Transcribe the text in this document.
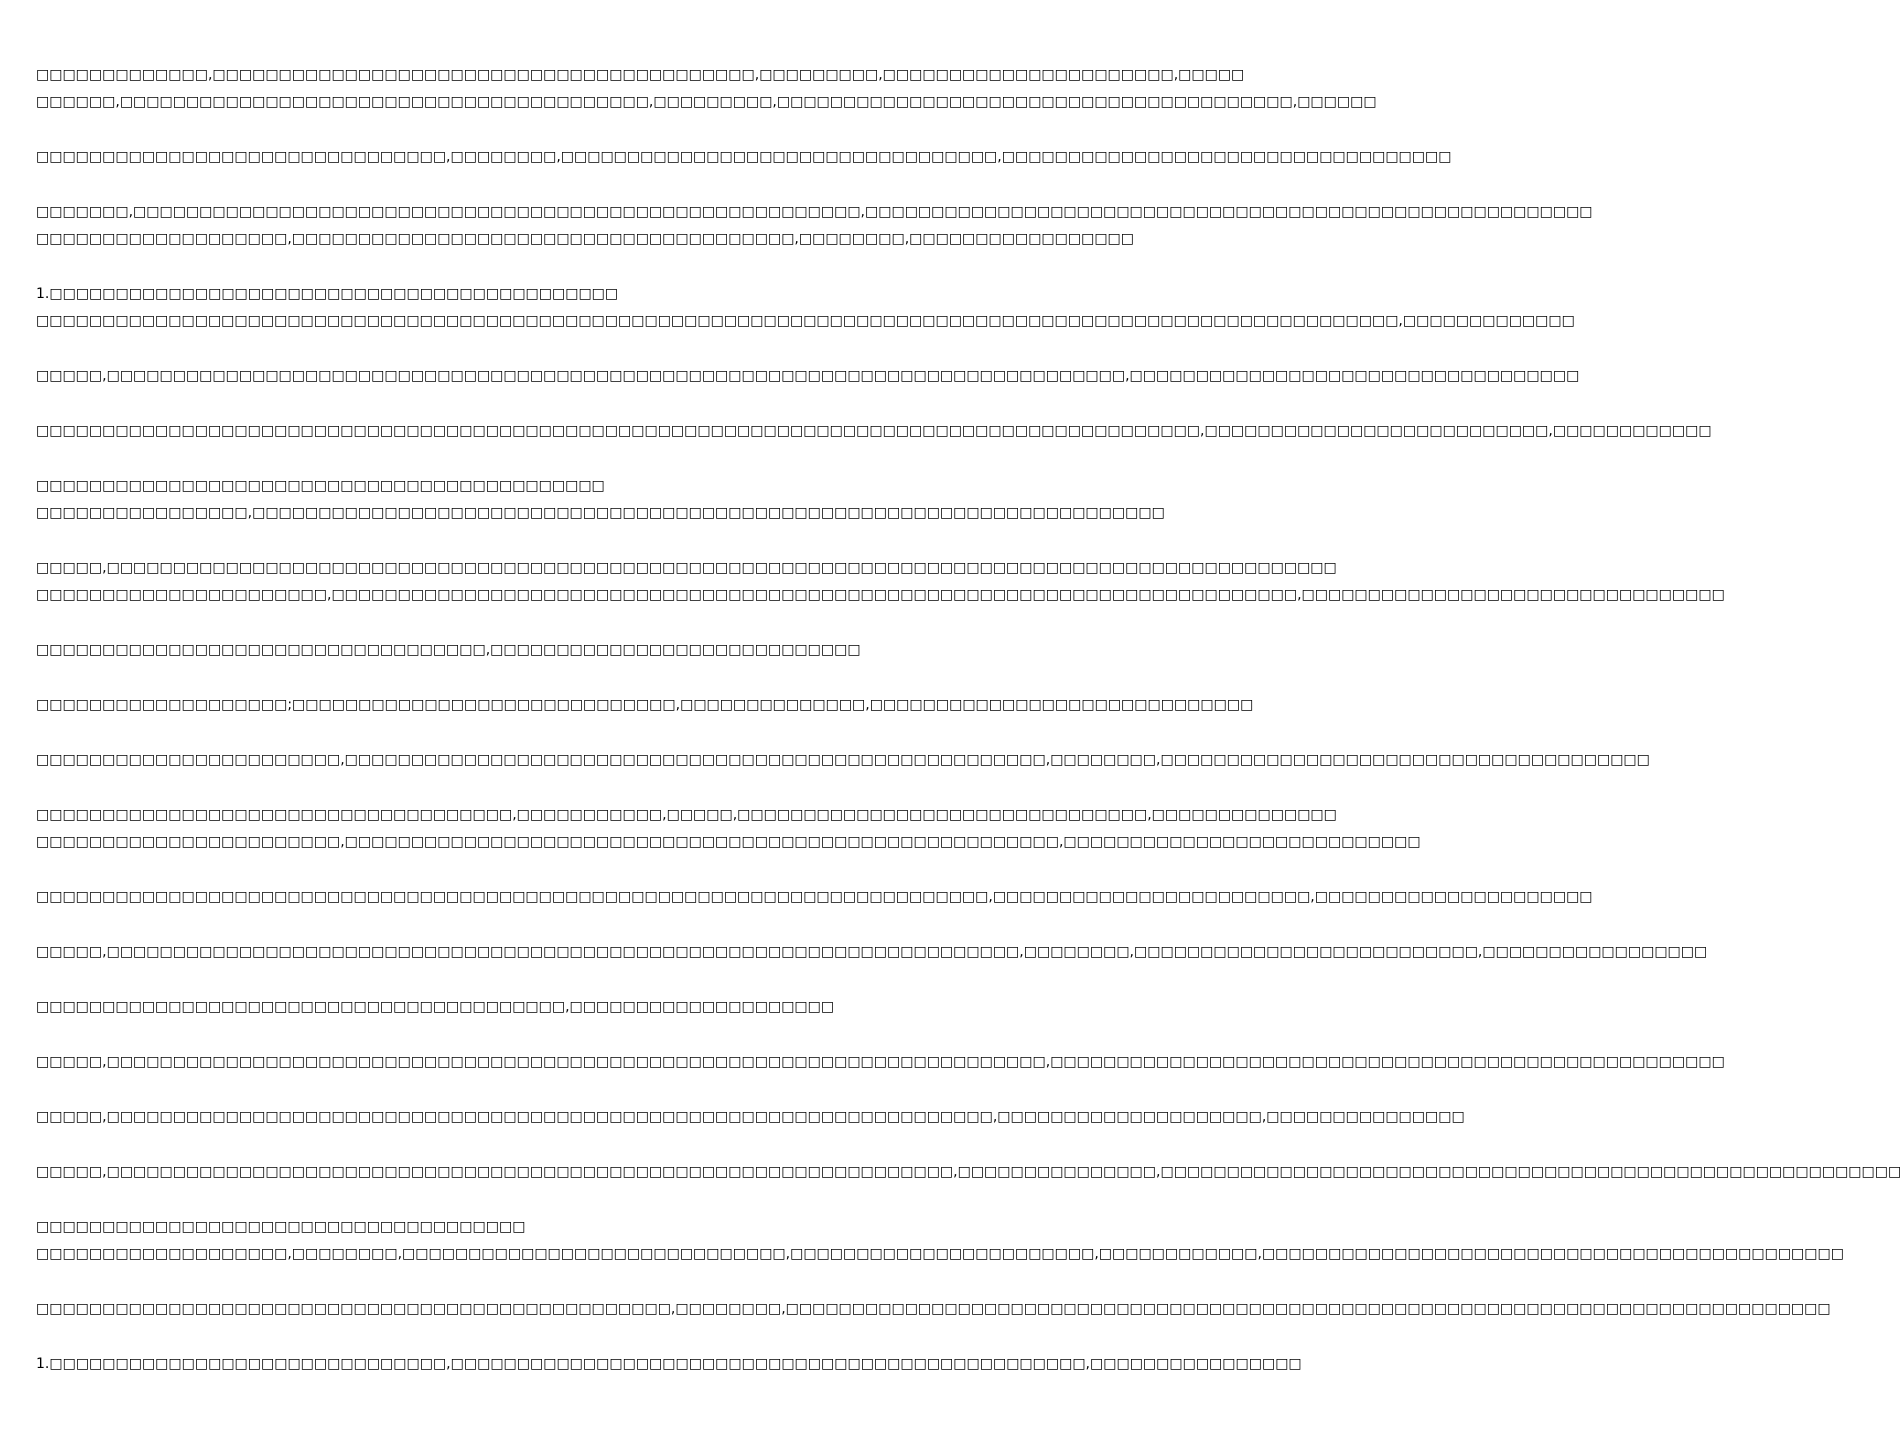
□□□□□□□□□□□□□,□□□□□□□□□□□□□□□□□□□□□□□□□□□□□□□□□□□□□□□□□,□□□□□□□□□,□□□□□□□□□□□□□□□□□□□□□□,□□□□□
□□□□□□,□□□□□□□□□□□□□□□□□□□□□□□□□□□□□□□□□□□□□□□□,□□□□□□□□□,□□□□□□□□□□□□□□□□□□□□□□□□□□□□□□□□□□□□□□□,□□□□□□
□□□□□□□□□□□□□□□□□□□□□□□□□□□□□□□,□□□□□□□□,□□□□□□□□□□□□□□□□□□□□□□□□□□□□□□□□□,□□□□□□□□□□□□□□□□□□□□□□□□□□□□□□□□□□
□□□□□□□,□□□□□□□□□□□□□□□□□□□□□□□□□□□□□□□□□□□□□□□□□□□□□□□□□□□□□□□,□□□□□□□□□□□□□□□□□□□□□□□□□□□□□□□□□□□□□□□□□□□□□□□□□□□□□□□
□□□□□□□□□□□□□□□□□□□,□□□□□□□□□□□□□□□□□□□□□□□□□□□□□□□□□□□□□□,□□□□□□□□,□□□□□□□□□□□□□□□□□
1.□□□□□□□□□□□□□□□□□□□□□□□□□□□□□□□□□□□□□□□□□□□
□□□□□□□□□□□□□□□□□□□□□□□□□□□□□□□□□□□□□□□□□□□□□□□□□□□□□□□□□□□□□□□□□□□□□□□□□□□□□□□□□□□□□□□□□□□□□□□□□□□□□□□,□□□□□□□□□□□□□
□□□□□,□□□□□□□□□□□□□□□□□□□□□□□□□□□□□□□□□□□□□□□□□□□□□□□□□□□□□□□□□□□□□□□□□□□□□□□□□□□□□,□□□□□□□□□□□□□□□□□□□□□□□□□□□□□□□□□□
□□□□□□□□□□□□□□□□□□□□□□□□□□□□□□□□□□□□□□□□□□□□□□□□□□□□□□□□□□□□□□□□□□□□□□□□□□□□□□□□□□□□□□□□,□□□□□□□□□□□□□□□□□□□□□□□□□□,□□□□□□□□□□□□
□□□□□□□□□□□□□□□□□□□□□□□□□□□□□□□□□□□□□□□□□□□
□□□□□□□□□□□□□□□□,□□□□□□□□□□□□□□□□□□□□□□□□□□□□□□□□□□□□□□□□□□□□□□□□□□□□□□□□□□□□□□□□□□□□□
□□□□□,□□□□□□□□□□□□□□□□□□□□□□□□□□□□□□□□□□□□□□□□□□□□□□□□□□□□□□□□□□□□□□□□□□□□□□□□□□□□□□□□□□□□□□□□□□□□□
□□□□□□□□□□□□□□□□□□□□□□,□□□□□□□□□□□□□□□□□□□□□□□□□□□□□□□□□□□□□□□□□□□□□□□□□□□□□□□□□□□□□□□□□□□□□□□□□,□□□□□□□□□□□□□□□□□□□□□□□□□□□□□□□□
□□□□□□□□□□□□□□□□□□□□□□□□□□□□□□□□□□,□□□□□□□□□□□□□□□□□□□□□□□□□□□□
□□□□□□□□□□□□□□□□□□□;□□□□□□□□□□□□□□□□□□□□□□□□□□□□□,□□□□□□□□□□□□□□,□□□□□□□□□□□□□□□□□□□□□□□□□□□□□
□□□□□□□□□□□□□□□□□□□□□□□,□□□□□□□□□□□□□□□□□□□□□□□□□□□□□□□□□□□□□□□□□□□□□□□□□□□□□,□□□□□□□□,□□□□□□□□□□□□□□□□□□□□□□□□□□□□□□□□□□□□□
□□□□□□□□□□□□□□□□□□□□□□□□□□□□□□□□□□□□,□□□□□□□□□□□,□□□□□,□□□□□□□□□□□□□□□□□□□□□□□□□□□□□□□,□□□□□□□□□□□□□□
□□□□□□□□□□□□□□□□□□□□□□□,□□□□□□□□□□□□□□□□□□□□□□□□□□□□□□□□□□□□□□□□□□□□□□□□□□□□□□,□□□□□□□□□□□□□□□□□□□□□□□□□□□
□□□□□□□□□□□□□□□□□□□□□□□□□□□□□□□□□□□□□□□□□□□□□□□□□□□□□□□□□□□□□□□□□□□□□□□□,□□□□□□□□□□□□□□□□□□□□□□□□,□□□□□□□□□□□□□□□□□□□□□
□□□□□,□□□□□□□□□□□□□□□□□□□□□□□□□□□□□□□□□□□□□□□□□□□□□□□□□□□□□□□□□□□□□□□□□□□□□,□□□□□□□□,□□□□□□□□□□□□□□□□□□□□□□□□□□,□□□□□□□□□□□□□□□□□
□□□□□□□□□□□□□□□□□□□□□□□□□□□□□□□□□□□□□□□□,□□□□□□□□□□□□□□□□□□□□
□□□□□,□□□□□□□□□□□□□□□□□□□□□□□□□□□□□□□□□□□□□□□□□□□□□□□□□□□□□□□□□□□□□□□□□□□□□□□,□□□□□□□□□□□□□□□□□□□□□□□□□□□□□□□□□□□□□□□□□□□□□□□□□□□
□□□□□,□□□□□□□□□□□□□□□□□□□□□□□□□□□□□□□□□□□□□□□□□□□□□□□□□□□□□□□□□□□□□□□□□□□,□□□□□□□□□□□□□□□□□□□□,□□□□□□□□□□□□□□□
□□□□□,□□□□□□□□□□□□□□□□□□□□□□□□□□□□□□□□□□□□□□□□□□□□□□□□□□□□□□□□□□□□□□□□,□□□□□□□□□□□□□□□,□□□□□□□□□□□□□□□□□□□□□□□□□□□□□□□□□□□□□□□□□□□□□□□□□□□□□□□□
□□□□□□□□□□□□□□□□□□□□□□□□□□□□□□□□□□□□□
□□□□□□□□□□□□□□□□□□□,□□□□□□□□,□□□□□□□□□□□□□□□□□□□□□□□□□□□□□,□□□□□□□□□□□□□□□□□□□□□□□,□□□□□□□□□□□□,□□□□□□□□□□□□□□□□□□□□□□□□□□□□□□□□□□□□□□□□□□□□
□□□□□□□□□□□□□□□□□□□□□□□□□□□□□□□□□□□□□□□□□□□□□□□□,□□□□□□□□,□□□□□□□□□□□□□□□□□□□□□□□□□□□□□□□□□□□□□□□□□□□□□□□□□□□□□□□□□□□□□□□□□□□□□□□□□□□□□□□
1.□□□□□□□□□□□□□□□□□□□□□□□□□□□□□□,□□□□□□□□□□□□□□□□□□□□□□□□□□□□□□□□□□□□□□□□□□□□□□□□,□□□□□□□□□□□□□□□□
